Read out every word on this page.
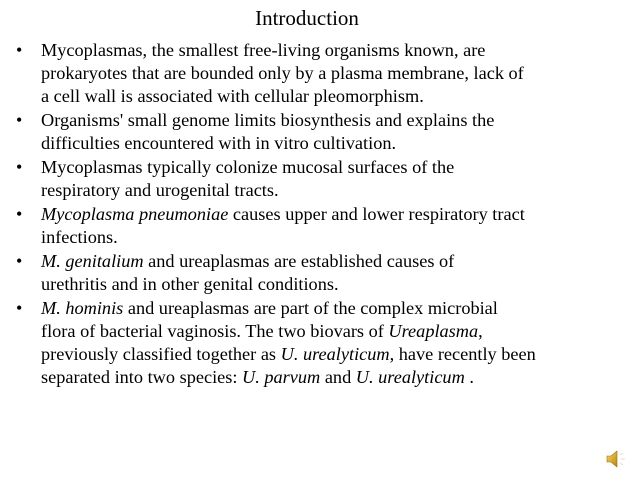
Introduction
• Mycoplasmas, the smallest free-living organisms known, are
prokaryotes that are bounded only by a plasma membrane, lack of
a cell wall is associated with cellular pleomorphism.
• Organisms' small genome limits biosynthesis and explains the
difficulties encountered with in vitro cultivation.
• Mycoplasmas typically colonize mucosal surfaces of the
respiratory and urogenital tracts.
• Mycoplasma pneumoniae causes upper and lower respiratory tract
infections.
• M. genitalium and ureaplasmas are established causes of
urethritis and in other genital conditions.
• M. hominis and ureaplasmas are part of the complex microbial
flora of bacterial vaginosis. The two biovars of Ureaplasma,
previously classified together as U. urealyticum, have recently been
separated into two species: U. parvum and U. urealyticum .
